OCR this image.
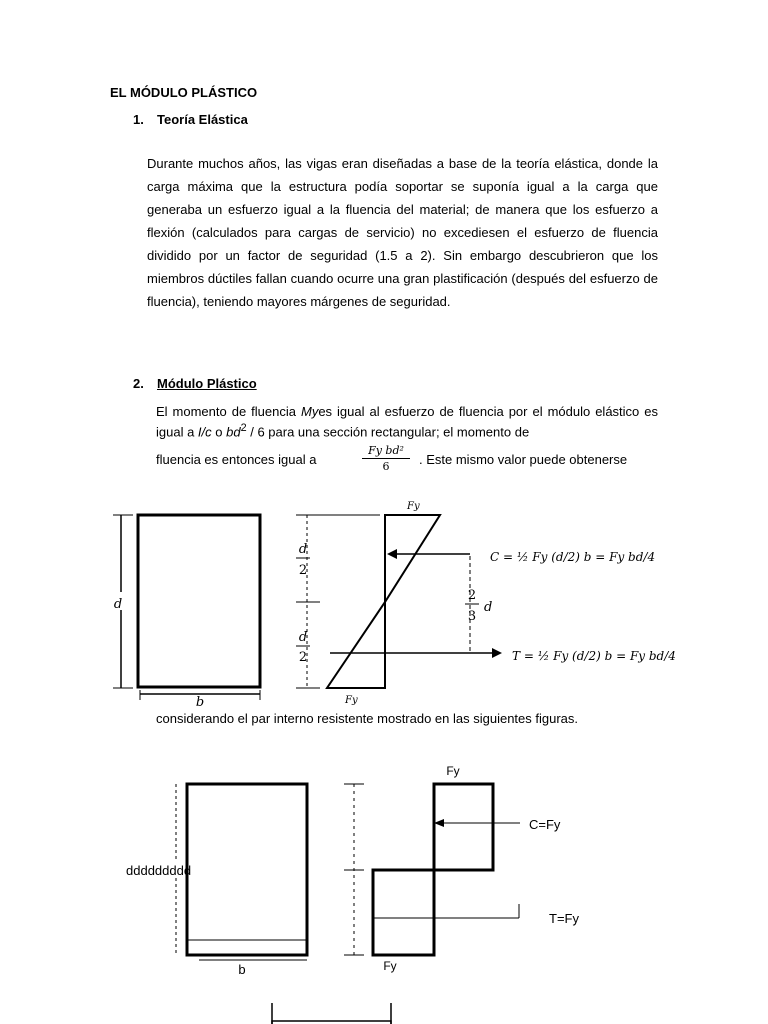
EL MÓDULO PLÁSTICO
1. Teoría Elástica
Durante muchos años, las vigas eran diseñadas a base de la teoría elástica, donde la carga máxima que la estructura podía soportar se suponía igual a la carga que generaba un esfuerzo igual a la fluencia del material; de manera que los esfuerzo a flexión (calculados para cargas de servicio) no excediesen el esfuerzo de fluencia dividido por un factor de seguridad (1.5 a 2). Sin embargo descubrieron que los miembros dúctiles fallan cuando ocurre una gran plastificación (después del esfuerzo de fluencia), teniendo mayores márgenes de seguridad.
2. Módulo Plástico
El momento de fluencia Myes igual al esfuerzo de fluencia por el módulo elástico es igual a I/c o $bd^2 / 6$ para una sección rectangular; el momento de
fluencia es entonces igual a	. Este mismo valor puede obtenerse
$\frac{\text{Fy bd²}}{6}$
d
b
d
2
d
2
2
3
d
Fy
Fy
C = ½ Fy (d/2) b = Fy bd/4
T = ½ Fy (d/2) b = Fy bd/4
considerando el par interno resistente mostrado en las siguientes figuras.
ddddddddd
b
Fy
Fy
C=Fy
T=Fy
